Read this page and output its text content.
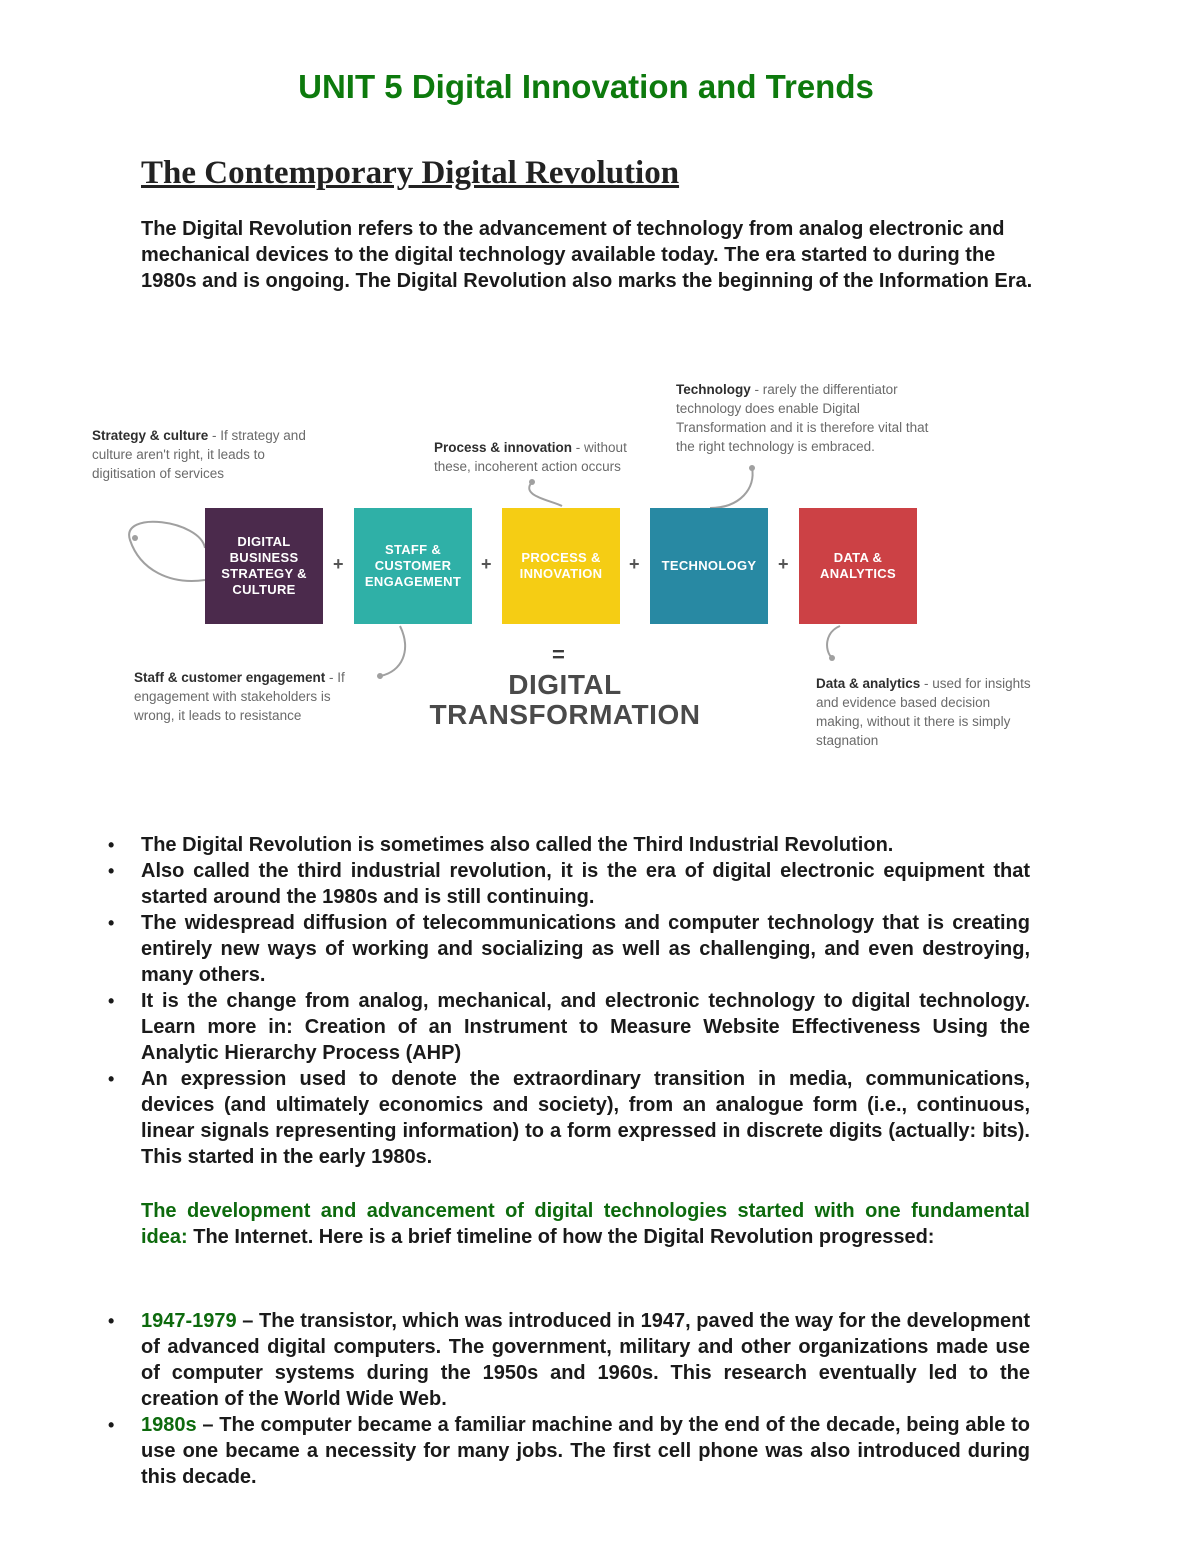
UNIT 5 Digital Innovation and Trends
The Contemporary Digital Revolution

The Digital Revolution refers to the advancement of technology from analog electronic and mechanical devices to the digital technology available today. The era started to during the 1980s and is ongoing. The Digital Revolution also marks the beginning of the Information Era.

Strategy & culture - If strategy and culture aren't right, it leads to digitisation of services
Process & innovation - without these, incoherent action occurs
Technology - rarely the differentiator technology does enable Digital Transformation and it is therefore vital that the right technology is embraced.
Staff & customer engagement - If engagement with stakeholders is wrong, it leads to resistance
Data & analytics - used for insights and evidence based decision making, without it there is simply stagnation
DIGITAL BUSINESS STRATEGY & CULTURE
+
STAFF & CUSTOMER ENGAGEMENT
+	PROCESS & INNOVATION	+	TECHNOLOGY	+	DATA & ANALYTICS
=
DIGITAL
TRANSFORMATION
• The Digital Revolution is sometimes also called the Third Industrial Revolution.
• Also called the third industrial revolution, it is the era of digital electronic equipment that started around the 1980s and is still continuing.
• The widespread diffusion of telecommunications and computer technology that is creating entirely new ways of working and socializing as well as challenging, and even destroying, many others.
• It is the change from analog, mechanical, and electronic technology to digital technology. Learn more in: Creation of an Instrument to Measure Website Effectiveness Using the Analytic Hierarchy Process (AHP)
• An expression used to denote the extraordinary transition in media, communications, devices (and ultimately economics and society), from an analogue form (i.e., continuous, linear signals representing information) to a form expressed in discrete digits (actually: bits). This started in the early 1980s.

The development and advancement of digital technologies started with one fundamental idea: The Internet. Here is a brief timeline of how the Digital Revolution progressed:

• 1947-1979 – The transistor, which was introduced in 1947, paved the way for the development of advanced digital computers. The government, military and other organizations made use of computer systems during the 1950s and 1960s. This research eventually led to the creation of the World Wide Web.
• 1980s – The computer became a familiar machine and by the end of the decade, being able to use one became a necessity for many jobs. The first cell phone was also introduced during this decade.
